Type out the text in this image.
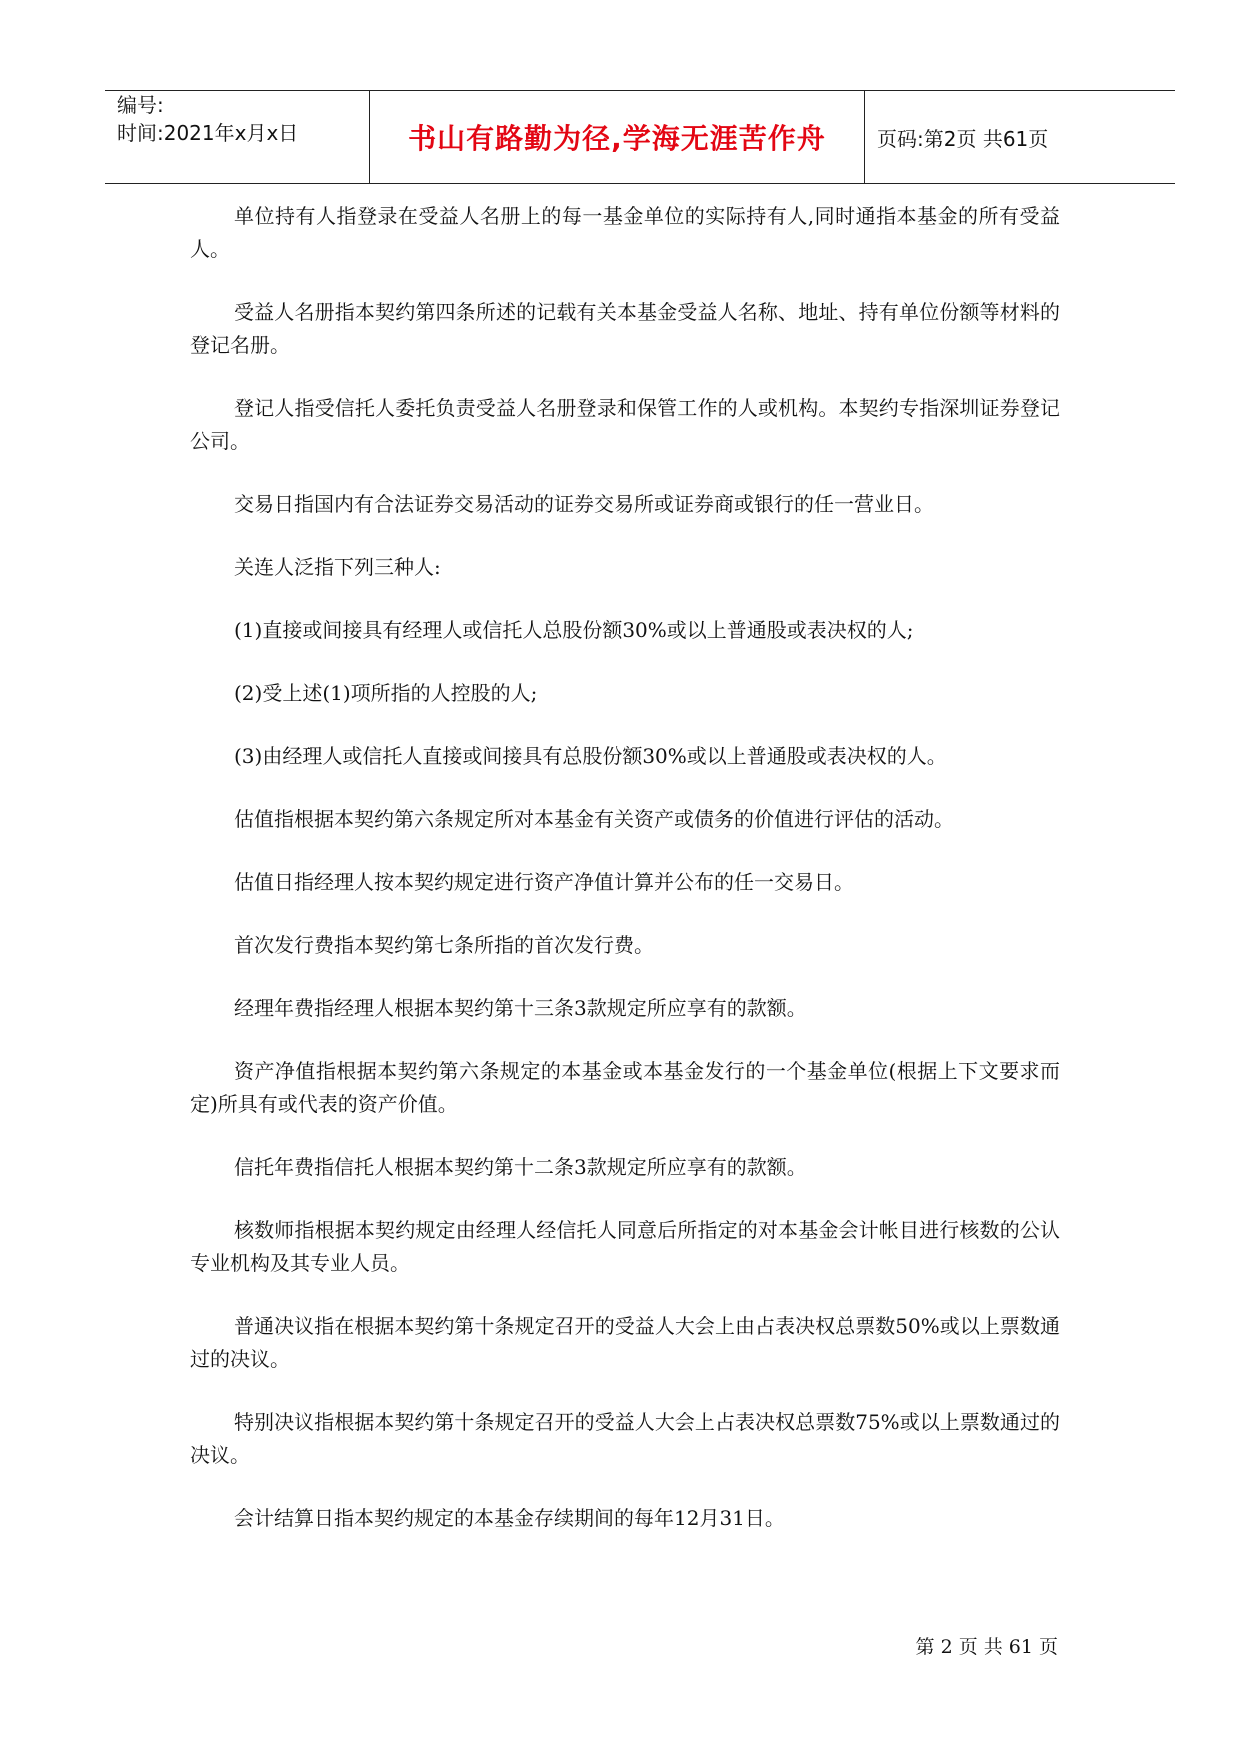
编号:
时间:2021年x月x日	书山有路勤为径,学海无涯苦作舟	页码:第2页 共61页

单位持有人指登录在受益人名册上的每一基金单位的实际持有人,同时通指本基金的所有受益人。

受益人名册指本契约第四条所述的记载有关本基金受益人名称、地址、持有单位份额等材料的登记名册。

登记人指受信托人委托负责受益人名册登录和保管工作的人或机构。本契约专指深圳证券登记公司。

交易日指国内有合法证券交易活动的证券交易所或证券商或银行的任一营业日。

关连人泛指下列三种人:

(1)直接或间接具有经理人或信托人总股份额30%或以上普通股或表决权的人;

(2)受上述(1)项所指的人控股的人;

(3)由经理人或信托人直接或间接具有总股份额30%或以上普通股或表决权的人。

估值指根据本契约第六条规定所对本基金有关资产或债务的价值进行评估的活动。

估值日指经理人按本契约规定进行资产净值计算并公布的任一交易日。

首次发行费指本契约第七条所指的首次发行费。

经理年费指经理人根据本契约第十三条3款规定所应享有的款额。

资产净值指根据本契约第六条规定的本基金或本基金发行的一个基金单位(根据上下文要求而定)所具有或代表的资产价值。

信托年费指信托人根据本契约第十二条3款规定所应享有的款额。

核数师指根据本契约规定由经理人经信托人同意后所指定的对本基金会计帐目进行核数的公认专业机构及其专业人员。

普通决议指在根据本契约第十条规定召开的受益人大会上由占表决权总票数50%或以上票数通过的决议。

特别决议指根据本契约第十条规定召开的受益人大会上占表决权总票数75%或以上票数通过的决议。

会计结算日指本契约规定的本基金存续期间的每年12月31日。

第 2 页 共 61 页
